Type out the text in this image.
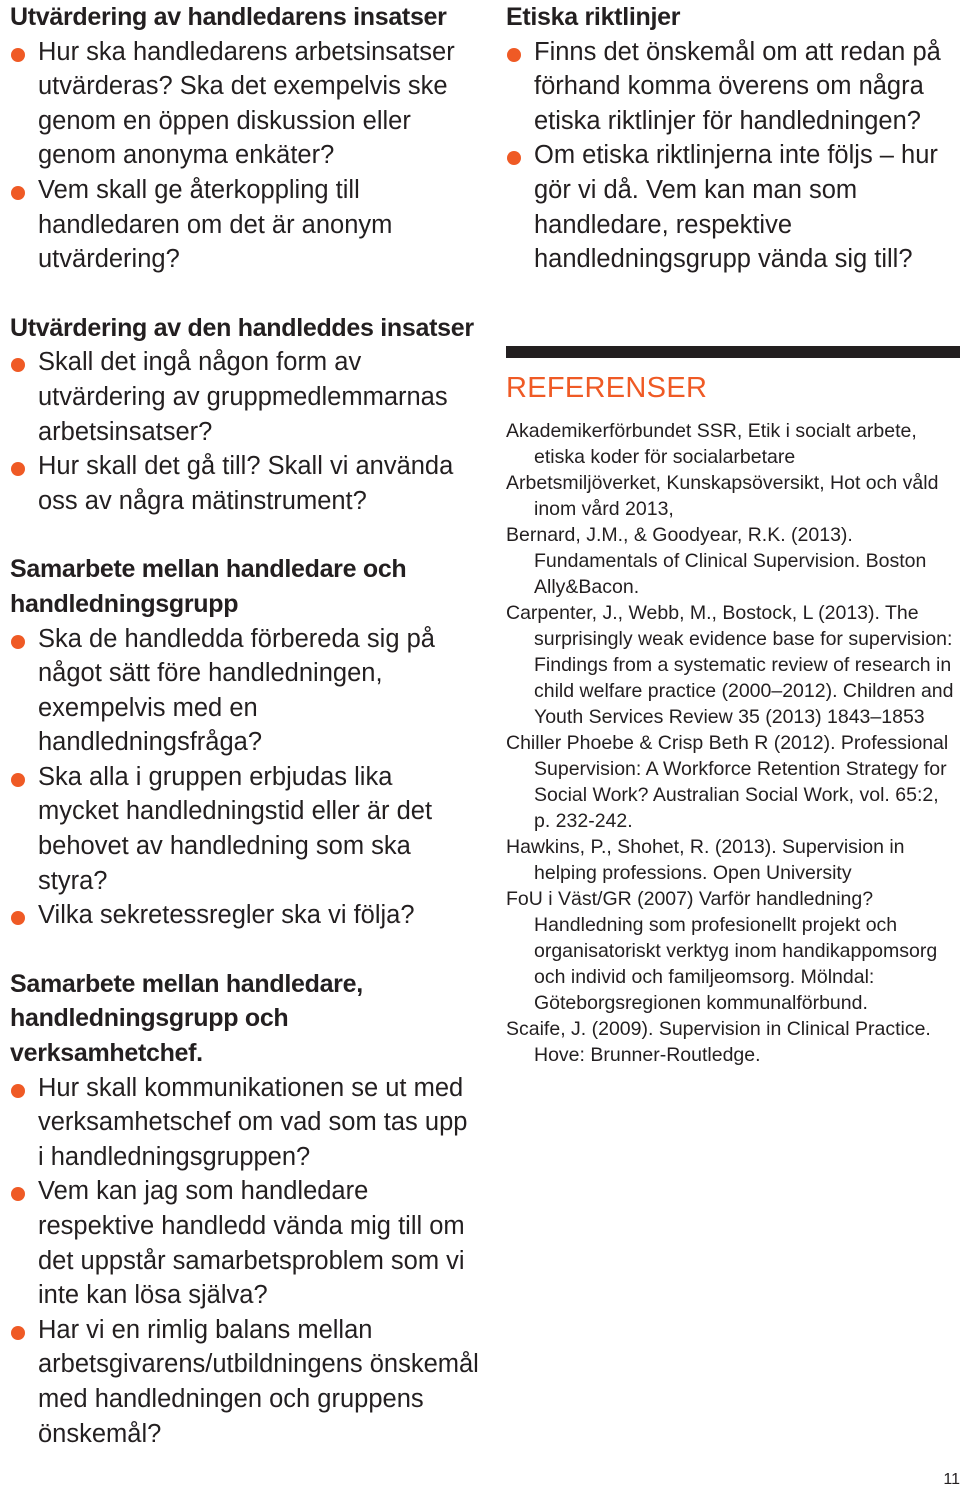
Utvärdering av handledarens insatser
Hur ska handledarens arbetsinsatser utvärderas? Ska det exempelvis ske genom en öppen diskussion eller genom anonyma enkäter?
Vem skall ge återkoppling till handledaren om det är anonym utvärdering?
Utvärdering av den handleddes insatser
Skall det ingå någon form av utvärdering av gruppmedlemmarnas arbetsinsatser?
Hur skall det gå till? Skall vi använda oss av några mätinstrument?
Samarbete mellan handledare och handledningsgrupp
Ska de handledda förbereda sig på något sätt före handledningen, exempelvis med en handledningsfråga?
Ska alla i gruppen erbjudas lika mycket handledningstid eller är det behovet av handledning som ska styra?
Vilka sekretessregler ska vi följa?
Samarbete mellan handledare, handledningsgrupp och verksamhetchef.
Hur skall kommunikationen se ut med verksamhetschef om vad som tas upp i handledningsgruppen?
Vem kan jag som handledare respektive handledd vända mig till om det uppstår samarbetsproblem som vi inte kan lösa själva?
Har vi en rimlig balans mellan arbetsgivarens/utbildningens önskemål med handledningen och gruppens önskemål?
Etiska riktlinjer
Finns det önskemål om att redan på förhand komma överens om några etiska riktlinjer för handledningen?
Om etiska riktlinjerna inte följs – hur gör vi då. Vem kan man som handledare, respektive handledningsgrupp vända sig till?
REFERENSER
Akademikerförbundet SSR, Etik i socialt arbete, etiska koder för socialarbetare
Arbetsmiljöverket, Kunskapsöversikt, Hot och våld inom vård 2013,
Bernard, J.M., & Goodyear, R.K. (2013). Fundamentals of Clinical Supervision. Boston Ally&Bacon.
Carpenter, J., Webb, M., Bostock, L (2013). The surprisingly weak evidence base for supervision: Findings from a systematic review of research in child welfare practice (2000–2012). Children and Youth Services Review 35 (2013) 1843–1853
Chiller Phoebe & Crisp Beth R (2012). Professional Supervision: A Workforce Retention Strategy for Social Work? Australian Social Work, vol. 65:2, p. 232-242.
Hawkins, P., Shohet, R. (2013). Supervision in helping professions. Open University
FoU i Väst/GR (2007) Varför handledning? Handledning som profesionellt projekt och organisatoriskt verktyg inom handikappomsorg och individ och familjeomsorg. Mölndal: Göteborgsregionen kommunalförbund.
Scaife, J. (2009). Supervision in Clinical Practice. Hove: Brunner-Routledge.
11
